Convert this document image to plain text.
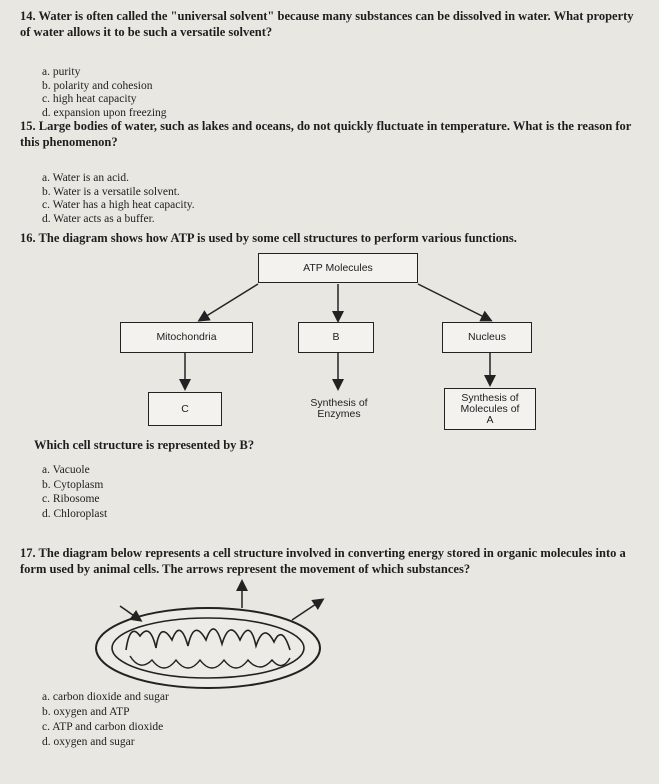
14. Water is often called the "universal solvent" because many substances can be dissolved in water. What property of water allows it to be such a versatile solvent?
a. purity
b. polarity and cohesion
c. high heat capacity
d. expansion upon freezing
15. Large bodies of water, such as lakes and oceans, do not quickly fluctuate in temperature. What is the reason for this phenomenon?
a. Water is an acid.
b. Water is a versatile solvent.
c. Water has a high heat capacity.
d. Water acts as a buffer.
16. The diagram shows how ATP is used by some cell structures to perform various functions.
ATP Molecules
Mitochondria	B	Nucleus
C	Synthesis of
Enzymes
Synthesis of
Molecules of
A
Which cell structure is represented by B?
a. Vacuole
b. Cytoplasm
c. Ribosome
d. Chloroplast
17. The diagram below represents a cell structure involved in converting energy stored in organic molecules into a form used by animal cells. The arrows represent the movement of which substances?
a. carbon dioxide and sugar
b. oxygen and ATP
c. ATP and carbon dioxide
d. oxygen and sugar
